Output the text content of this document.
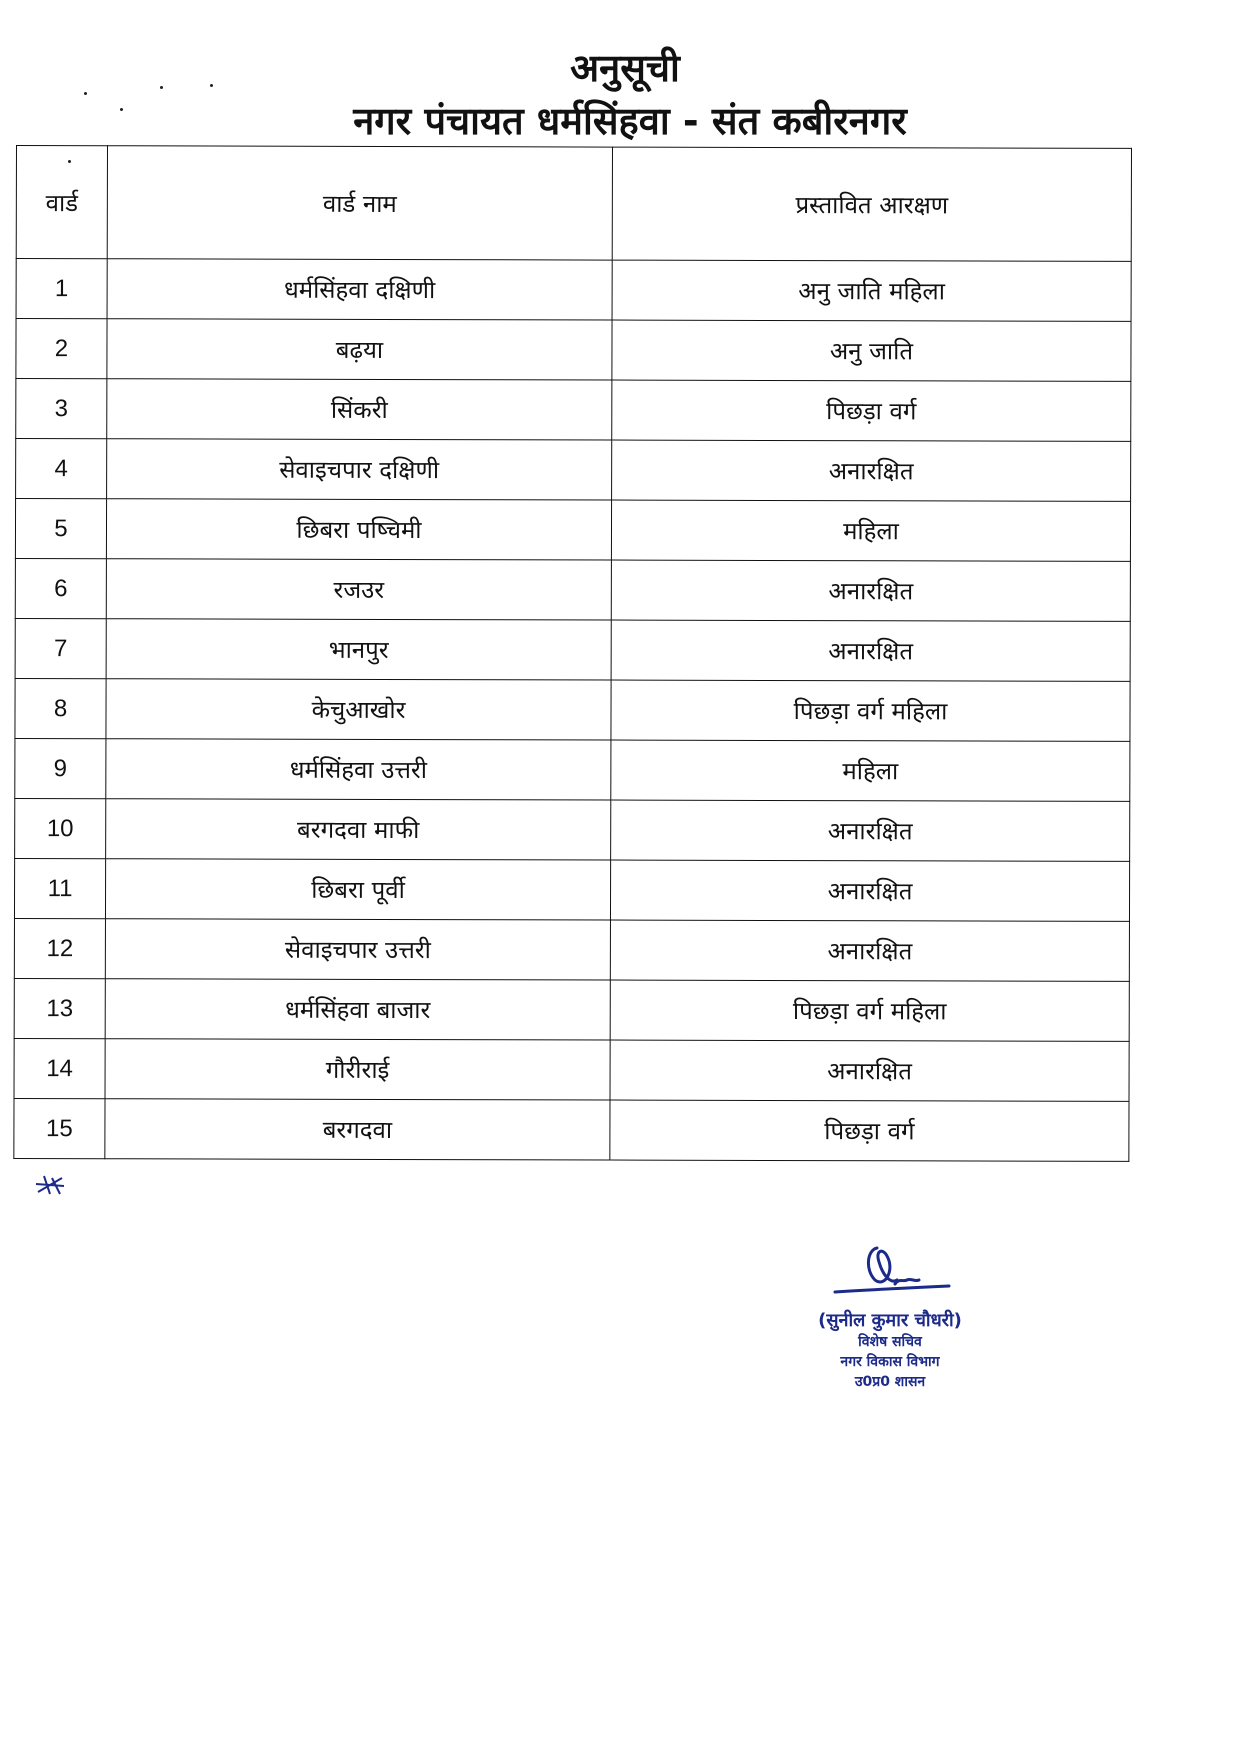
अनुसूची
नगर पंचायत धर्मसिंहवा - संत कबीरनगर
वार्ड	वार्ड नाम	प्रस्तावित आरक्षण
1	धर्मसिंहवा दक्षिणी	अनु जाति महिला
2	बढ़या	अनु जाति
3	सिंकरी	पिछड़ा वर्ग
4	सेवाइचपार दक्षिणी	अनारक्षित
5	छिबरा पष्चिमी	महिला
6	रजउर	अनारक्षित
7	भानपुर	अनारक्षित
8	केचुआखोर	पिछड़ा वर्ग महिला
9	धर्मसिंहवा उत्तरी	महिला
10	बरगदवा माफी	अनारक्षित
11	छिबरा पूर्वी	अनारक्षित
12	सेवाइचपार उत्तरी	अनारक्षित
13	धर्मसिंहवा बाजार	पिछड़ा वर्ग महिला
14	गौरीराई	अनारक्षित
15	बरगदवा	पिछड़ा वर्ग
(सुनील कुमार चौधरी)
विशेष सचिव
नगर विकास विभाग
उ0प्र0 शासन
